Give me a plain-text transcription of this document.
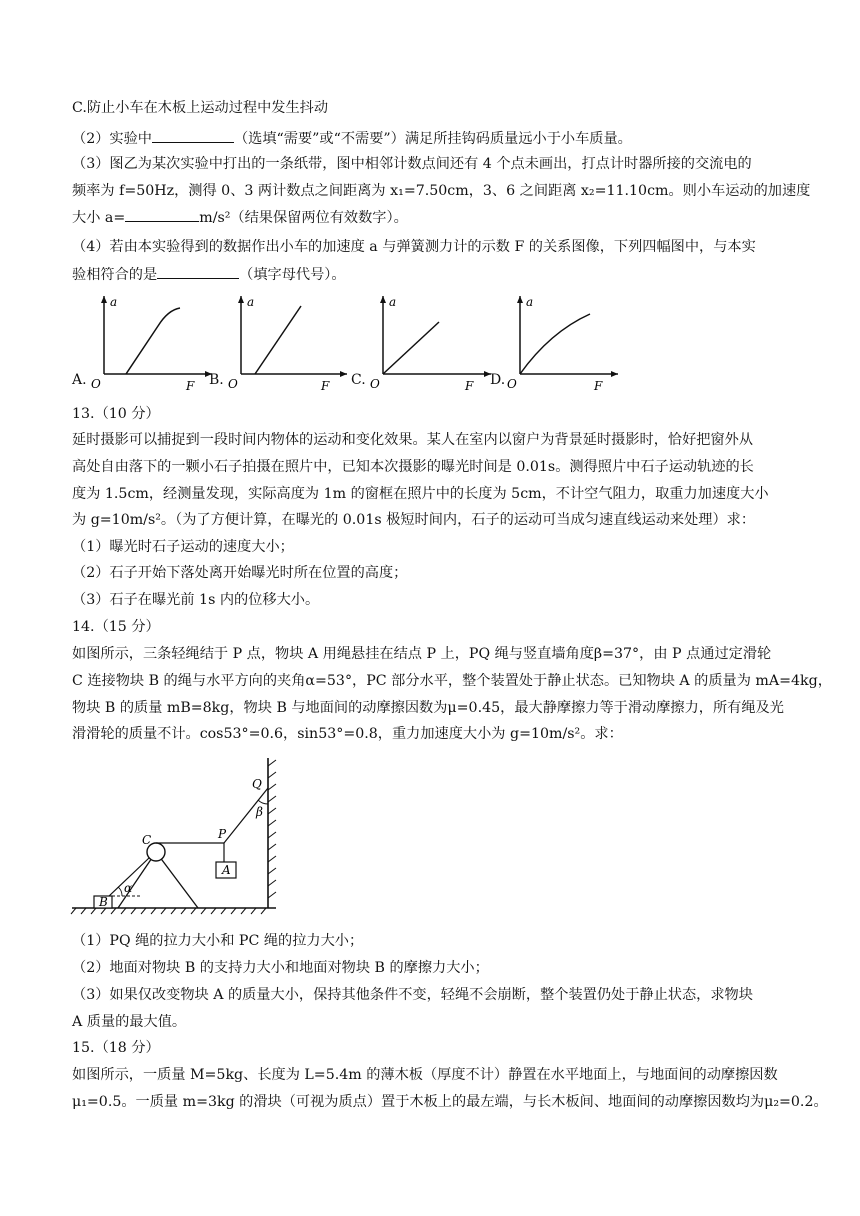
C.防止小车在木板上运动过程中发生抖动
（2）实验中	（选填“需要”或“不需要”）满足所挂钩码质量远小于小车质量。
（3）图乙为某次实验中打出的一条纸带，图中相邻计数点间还有 4 个点未画出，打点计时器所接的交流电的
频率为 f=50Hz，测得 0、3 两计数点之间距离为 x₁=7.50cm，3、6 之间距离 x₂=11.10cm。则小车运动的加速度
大小 a=	m/s²（结果保留两位有效数字）。
（4）若由本实验得到的数据作出小车的加速度 a 与弹簧测力计的示数 F 的关系图像，下列四幅图中，与本实
验相符合的是	（填字母代号）。
A.
a
O	F B.
a
O	F C.
a
O	F D.
a
O	F
13.（10 分）
延时摄影可以捕捉到一段时间内物体的运动和变化效果。某人在室内以窗户为背景延时摄影时，恰好把窗外从
高处自由落下的一颗小石子拍摄在照片中，已知本次摄影的曝光时间是 0.01s。测得照片中石子运动轨迹的长
度为 1.5cm，经测量发现，实际高度为 1m 的窗框在照片中的长度为 5cm，不计空气阻力，取重力加速度大小
为 g=10m/s²。（为了方便计算，在曝光的 0.01s 极短时间内，石子的运动可当成匀速直线运动来处理）求：
（1）曝光时石子运动的速度大小；
（2）石子开始下落处离开始曝光时所在位置的高度；
（3）石子在曝光前 1s 内的位移大小。
14.（15 分）
如图所示，三条轻绳结于 P 点，物块 A 用绳悬挂在结点 P 上，PQ 绳与竖直墙角度β=37°，由 P 点通过定滑轮
C 连接物块 B 的绳与水平方向的夹角α=53°，PC 部分水平，整个装置处于静止状态。已知物块 A 的质量为 mA=4kg，
物块 B 的质量 mB=8kg，物块 B 与地面间的动摩擦因数为μ=0.45，最大静摩擦力等于滑动摩擦力，所有绳及光
滑滑轮的质量不计。cos53°=0.6，sin53°=0.8，重力加速度大小为 g=10m/s²。求：
Q
β
C	P
A
α
B
（1）PQ 绳的拉力大小和 PC 绳的拉力大小；
（2）地面对物块 B 的支持力大小和地面对物块 B 的摩擦力大小；
（3）如果仅改变物块 A 的质量大小，保持其他条件不变，轻绳不会崩断，整个装置仍处于静止状态，求物块
A 质量的最大值。
15.（18 分）
如图所示，一质量 M=5kg、长度为 L=5.4m 的薄木板（厚度不计）静置在水平地面上，与地面间的动摩擦因数
μ₁=0.5。一质量 m=3kg 的滑块（可视为质点）置于木板上的最左端，与长木板间、地面间的动摩擦因数均为μ₂=0.2。
